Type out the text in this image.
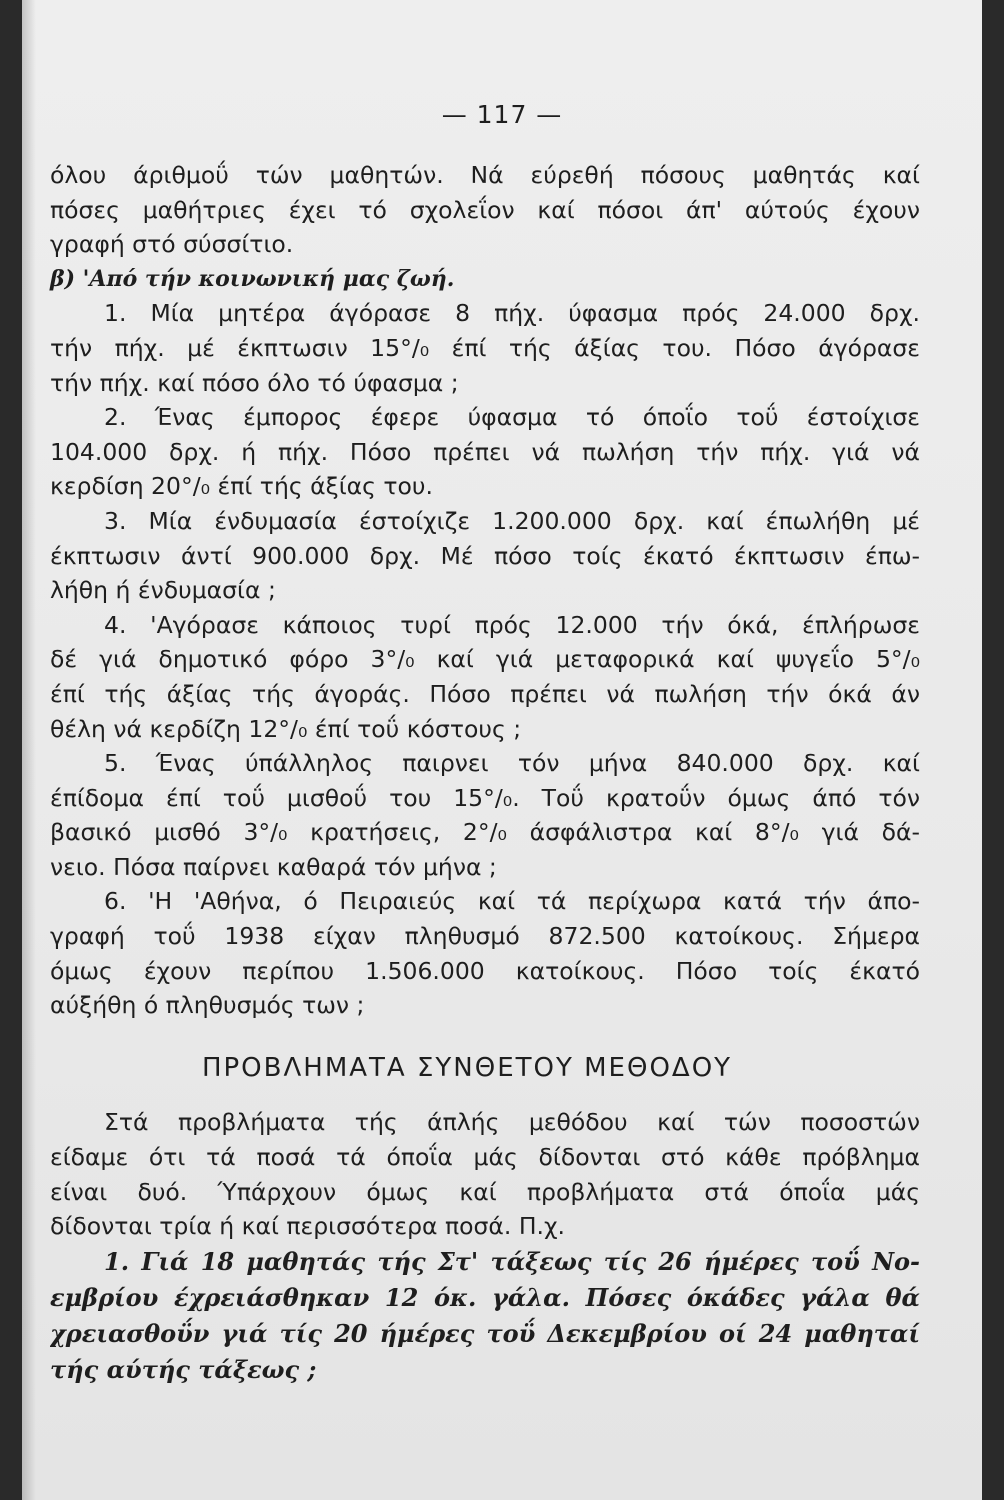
— 117 —

όλου άριθμοΰ τών μαθητών. Νά εύρεθή πόσους μαθητάς καί
πόσες μαθήτριες έχει τό σχολεΐον καί πόσοι άπ' αύτούς έχουν
γραφή στό σύσσίτιο.

β) 'Από τήν κοινωνική μας ζωή.

1. Μία μητέρα άγόρασε 8 πήχ. ύφασμα πρός 24.000 δρχ.
τήν πήχ. μέ έκπτωσιν 15°/₀ έπί τής άξίας του. Πόσο άγόρασε
τήν πήχ. καί πόσο όλο τό ύφασμα ;

2. Ένας έμπορος έφερε ύφασμα τό όποΐο τοΰ έστοίχισε
104.000 δρχ. ή πήχ. Πόσο πρέπει νά πωλήση τήν πήχ. γιά νά
κερδίση 20°/₀ έπί τής άξίας του.

3. Μία ένδυμασία έστοίχιζε 1.200.000 δρχ. καί έπωλήθη μέ
έκπτωσιν άντί 900.000 δρχ. Μέ πόσο τοίς έκατό έκπτωσιν έπω-
λήθη ή ένδυμασία ;

4. 'Αγόρασε κάποιος τυρί πρός 12.000 τήν όκά, έπλήρωσε
δέ γιά δημοτικό φόρο 3°/₀ καί γιά μεταφορικά καί ψυγεΐο 5°/₀
έπί τής άξίας τής άγοράς. Πόσο πρέπει νά πωλήση τήν όκά άν
θέλη νά κερδίζη 12°/₀ έπί τοΰ κόστους ;

5. Ένας ύπάλληλος παιρνει τόν μήνα 840.000 δρχ. καί
έπίδομα έπί τοΰ μισθοΰ του 15°/₀. Τοΰ κρατοΰν όμως άπό τόν
βασικό μισθό 3°/₀ κρατήσεις, 2°/₀ άσφάλιστρα καί 8°/₀ γιά δά-
νειο. Πόσα παίρνει καθαρά τόν μήνα ;

6. 'Η 'Αθήνα, ό Πειραιεύς καί τά περίχωρα κατά τήν άπο-
γραφή τοΰ 1938 είχαν πληθυσμό 872.500 κατοίκους. Σήμερα
όμως έχουν περίπου 1.506.000 κατοίκους. Πόσο τοίς έκατό
αύξήθη ό πληθυσμός των ;

ΠΡΟΒΛΗΜΑΤΑ ΣΥΝΘΕΤΟΥ ΜΕΘΟΔΟΥ

Στά προβλήματα τής άπλής μεθόδου καί τών ποσοστών
είδαμε ότι τά ποσά τά όποΐα μάς δίδονται στό κάθε πρόβλημα
είναι δυό. Ύπάρχουν όμως καί προβλήματα στά όποΐα μάς
δίδονται τρία ή καί περισσότερα ποσά. Π.χ.

1. Γιά 18 μαθητάς τής Στ' τάξεως τίς 26 ήμέρες τοΰ Νο-
εμβρίου έχρειάσθηκαν 12 όκ. γάλα. Πόσες όκάδες γάλα θά
χρειασθοΰν γιά τίς 20 ήμέρες τοΰ Δεκεμβρίου οί 24 μαθηταί
τής αύτής τάξεως ;
